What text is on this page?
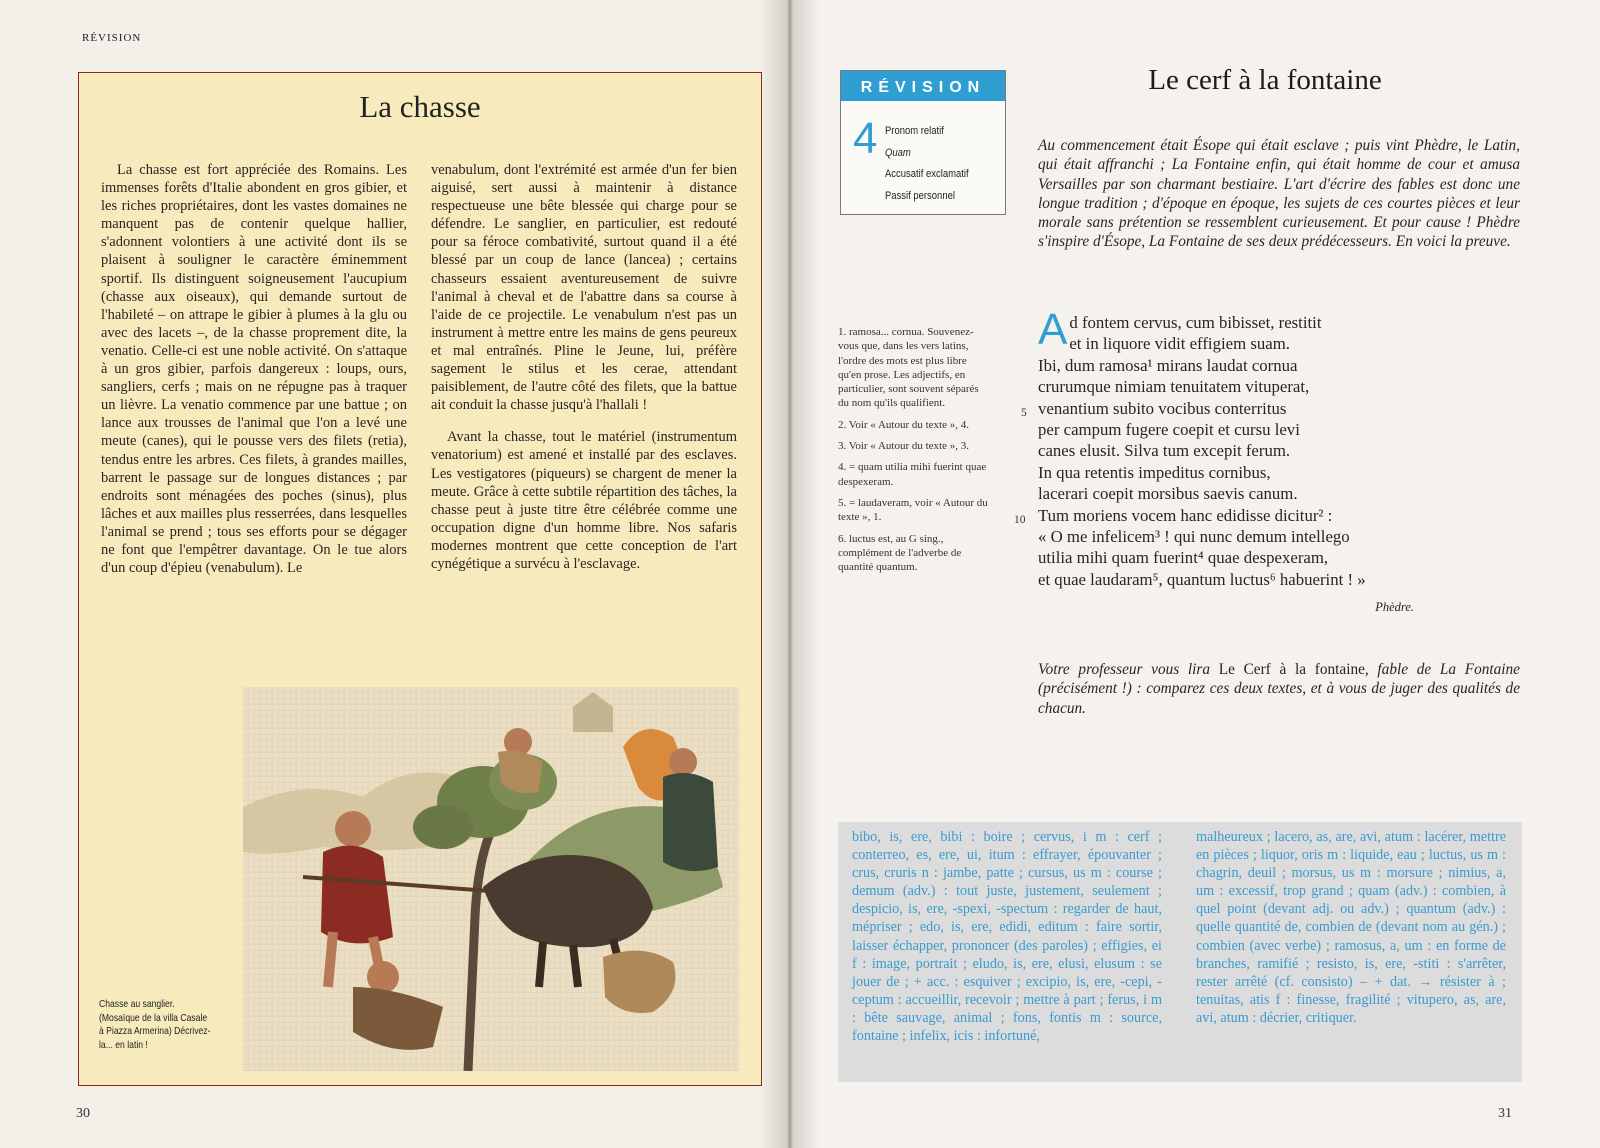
RÉVISION
La chasse

La chasse est fort appréciée des Romains. Les immenses forêts d'Italie abondent en gros gibier, et les riches propriétaires, dont les vastes domaines ne manquent pas de contenir quelque hallier, s'adonnent volontiers à une activité dont ils se plaisent à souligner le caractère éminemment sportif. Ils distinguent soigneusement l'aucupium (chasse aux oiseaux), qui demande surtout de l'habileté – on attrape le gibier à plumes à la glu ou avec des lacets –, de la chasse proprement dite, la venatio. Celle-ci est une noble activité. On s'attaque à un gros gibier, parfois dangereux : loups, ours, sangliers, cerfs ; mais on ne répugne pas à traquer un lièvre. La venatio commence par une battue ; on lance aux trousses de l'animal que l'on a levé une meute (canes), qui le pousse vers des filets (retia), tendus entre les arbres. Ces filets, à grandes mailles, barrent le passage sur de longues distances ; par endroits sont ménagées des poches (sinus), plus lâches et aux mailles plus resserrées, dans lesquelles l'animal se prend ; tous ses efforts pour se dégager ne font que l'empêtrer davantage. On le tue alors d'un coup d'épieu (venabulum). Le

venabulum, dont l'extrémité est armée d'un fer bien aiguisé, sert aussi à maintenir à distance respectueuse une bête blessée qui charge pour se défendre. Le sanglier, en particulier, est redouté pour sa féroce combativité, surtout quand il a été blessé par un coup de lance (lancea) ; certains chasseurs essaient aventureusement de suivre l'animal à cheval et de l'abattre dans sa course à l'aide de ce projectile. Le venabulum n'est pas un instrument à mettre entre les mains de gens peureux et mal entraînés. Pline le Jeune, lui, préfère sagement le stilus et les cerae, attendant paisiblement, de l'autre côté des filets, que la battue ait conduit la chasse jusqu'à l'hallali !

Avant la chasse, tout le matériel (instrumentum venatorium) est amené et installé par des esclaves. Les vestigatores (piqueurs) se chargent de mener la meute. Grâce à cette subtile répartition des tâches, la chasse peut à juste titre être célébrée comme une occupation digne d'un homme libre. Nos safaris modernes montrent que cette conception de l'art cynégétique a survécu à l'esclavage.

Chasse au sanglier. (Mosaïque de la villa Casale à Piazza Armerina) Décrivez-la... en latin !
30
RÉVISION
4 Pronom relatif
Quam
Accusatif exclamatif
Passif personnel
Le cerf à la fontaine
Au commencement était Ésope qui était esclave ; puis vint Phèdre, le Latin, qui était affranchi ; La Fontaine enfin, qui était homme de cour et amusa Versailles par son charmant bestiaire. L'art d'écrire des fables est donc une longue tradition ; d'époque en époque, les sujets de ces courtes pièces et leur morale sans prétention se ressemblent curieusement. Et pour cause ! Phèdre s'inspire d'Ésope, La Fontaine de ses deux prédécesseurs. En voici la preuve.
1. ramosa... cornua. Souvenez-vous que, dans les vers latins, l'ordre des mots est plus libre qu'en prose. Les adjectifs, en particulier, sont souvent séparés du nom qu'ils qualifient.
2. Voir « Autour du texte », 4.
3. Voir « Autour du texte », 3.
4. = quam utilia mihi fuerint quae despexeram.
5. = laudaveram, voir « Autour du texte », 1.
6. luctus est, au G sing., complément de l'adverbe de quantité quantum.
Ad fontem cervus, cum bibisset, restitit
et in liquore vidit effigiem suam.
Ibi, dum ramosa¹ mirans laudat cornua
crurumque nimiam tenuitatem vituperat,
venantium subito vocibus conterritus
per campum fugere coepit et cursu levi
canes elusit. Silva tum excepit ferum.
In qua retentis impeditus cornibus,
lacerari coepit morsibus saevis canum.
Tum moriens vocem hanc edidisse dicitur² :
« O me infelicem³ ! qui nunc demum intellego
utilia mihi quam fuerint⁴ quae despexeram,
et quae laudaram⁵, quantum luctus⁶ habuerint ! »
5
10
Phèdre.
Votre professeur vous lira Le Cerf à la fontaine, fable de La Fontaine (précisément !) : comparez ces deux textes, et à vous de juger des qualités de chacun.
bibo, is, ere, bibi : boire ; cervus, i m : cerf ; conterreo, es, ere, ui, itum : effrayer, épouvanter ; crus, cruris n : jambe, patte ; cursus, us m : course ; demum (adv.) : tout juste, justement, seulement ; despicio, is, ere, -spexi, -spectum : regarder de haut, mépriser ; edo, is, ere, edidi, editum : faire sortir, laisser échapper, prononcer (des paroles) ; effigies, ei f : image, portrait ; eludo, is, ere, elusi, elusum : se jouer de ; + acc. : esquiver ; excipio, is, ere, -cepi, -ceptum : accueillir, recevoir ; mettre à part ; ferus, i m : bête sauvage, animal ; fons, fontis m : source, fontaine ; infelix, icis : infortuné,
malheureux ; lacero, as, are, avi, atum : lacérer, mettre en pièces ; liquor, oris m : liquide, eau ; luctus, us m : chagrin, deuil ; morsus, us m : morsure ; nimius, a, um : excessif, trop grand ; quam (adv.) : combien, à quel point (devant adj. ou adv.) ; quantum (adv.) : quelle quantité de, combien de (devant nom au gén.) ; combien (avec verbe) ; ramosus, a, um : en forme de branches, ramifié ; resisto, is, ere, -stiti : s'arrêter, rester arrêté (cf. consisto) – + dat. → résister à ; tenuitas, atis f : finesse, fragilité ; vitupero, as, are, avi, atum : décrier, critiquer.
31
